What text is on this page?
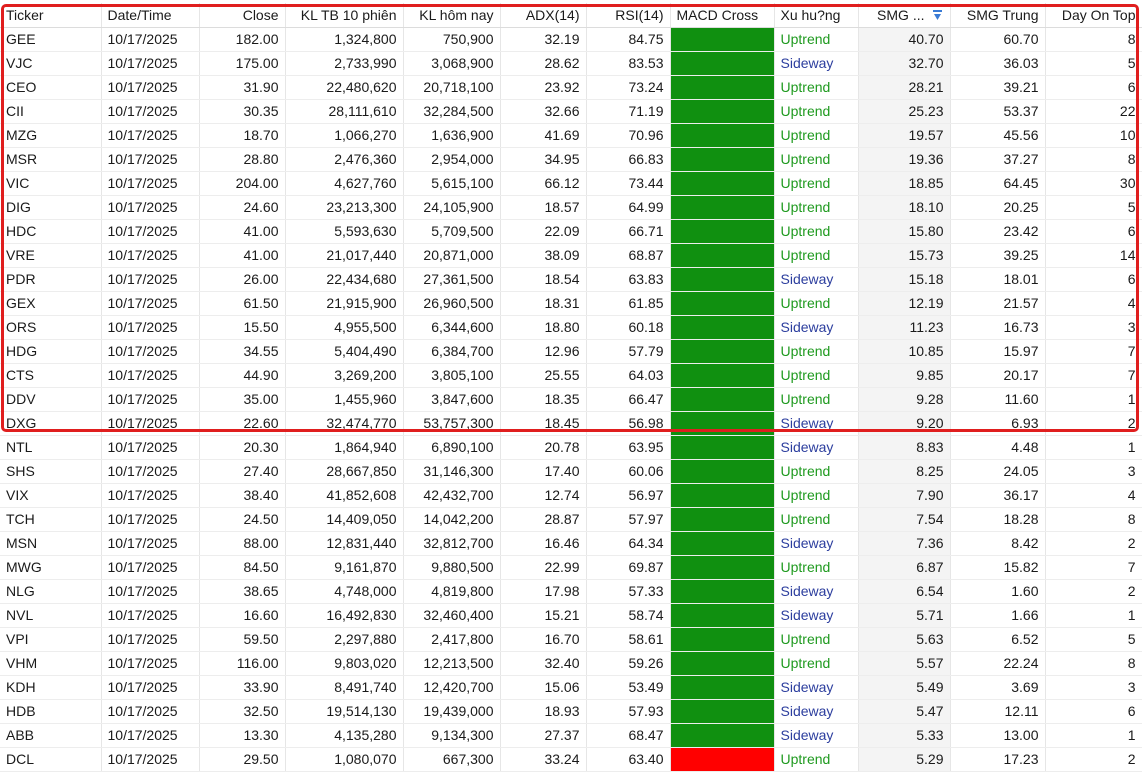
Ticker	Date/Time	Close	KL TB 10 phiên	KL hôm nay	ADX(14)	RSI(14)	MACD Cross	Xu hu?ng	SMG ...	SMG Trung	Day On Top
GEE	10/17/2025	182.00	1,324,800	750,900	32.19	84.75		Uptrend	40.70	60.70	8
VJC	10/17/2025	175.00	2,733,990	3,068,900	28.62	83.53		Sideway	32.70	36.03	5
CEO	10/17/2025	31.90	22,480,620	20,718,100	23.92	73.24		Uptrend	28.21	39.21	6
CII	10/17/2025	30.35	28,111,610	32,284,500	32.66	71.19		Uptrend	25.23	53.37	22
MZG	10/17/2025	18.70	1,066,270	1,636,900	41.69	70.96		Uptrend	19.57	45.56	10
MSR	10/17/2025	28.80	2,476,360	2,954,000	34.95	66.83		Uptrend	19.36	37.27	8
VIC	10/17/2025	204.00	4,627,760	5,615,100	66.12	73.44		Uptrend	18.85	64.45	30
DIG	10/17/2025	24.60	23,213,300	24,105,900	18.57	64.99		Uptrend	18.10	20.25	5
HDC	10/17/2025	41.00	5,593,630	5,709,500	22.09	66.71		Uptrend	15.80	23.42	6
VRE	10/17/2025	41.00	21,017,440	20,871,000	38.09	68.87		Uptrend	15.73	39.25	14
PDR	10/17/2025	26.00	22,434,680	27,361,500	18.54	63.83		Sideway	15.18	18.01	6
GEX	10/17/2025	61.50	21,915,900	26,960,500	18.31	61.85		Uptrend	12.19	21.57	4
ORS	10/17/2025	15.50	4,955,500	6,344,600	18.80	60.18		Sideway	11.23	16.73	3
HDG	10/17/2025	34.55	5,404,490	6,384,700	12.96	57.79		Uptrend	10.85	15.97	7
CTS	10/17/2025	44.90	3,269,200	3,805,100	25.55	64.03		Uptrend	9.85	20.17	7
DDV	10/17/2025	35.00	1,455,960	3,847,600	18.35	66.47		Uptrend	9.28	11.60	1
DXG	10/17/2025	22.60	32,474,770	53,757,300	18.45	56.98		Sideway	9.20	6.93	2
NTL	10/17/2025	20.30	1,864,940	6,890,100	20.78	63.95		Sideway	8.83	4.48	1
SHS	10/17/2025	27.40	28,667,850	31,146,300	17.40	60.06		Uptrend	8.25	24.05	3
VIX	10/17/2025	38.40	41,852,608	42,432,700	12.74	56.97		Uptrend	7.90	36.17	4
TCH	10/17/2025	24.50	14,409,050	14,042,200	28.87	57.97		Uptrend	7.54	18.28	8
MSN	10/17/2025	88.00	12,831,440	32,812,700	16.46	64.34		Sideway	7.36	8.42	2
MWG	10/17/2025	84.50	9,161,870	9,880,500	22.99	69.87		Uptrend	6.87	15.82	7
NLG	10/17/2025	38.65	4,748,000	4,819,800	17.98	57.33		Sideway	6.54	1.60	2
NVL	10/17/2025	16.60	16,492,830	32,460,400	15.21	58.74		Sideway	5.71	1.66	1
VPI	10/17/2025	59.50	2,297,880	2,417,800	16.70	58.61		Uptrend	5.63	6.52	5
VHM	10/17/2025	116.00	9,803,020	12,213,500	32.40	59.26		Uptrend	5.57	22.24	8
KDH	10/17/2025	33.90	8,491,740	12,420,700	15.06	53.49		Sideway	5.49	3.69	3
HDB	10/17/2025	32.50	19,514,130	19,439,000	18.93	57.93		Sideway	5.47	12.11	6
ABB	10/17/2025	13.30	4,135,280	9,134,300	27.37	68.47		Sideway	5.33	13.00	1
DCL	10/17/2025	29.50	1,080,070	667,300	33.24	63.40		Uptrend	5.29	17.23	2
